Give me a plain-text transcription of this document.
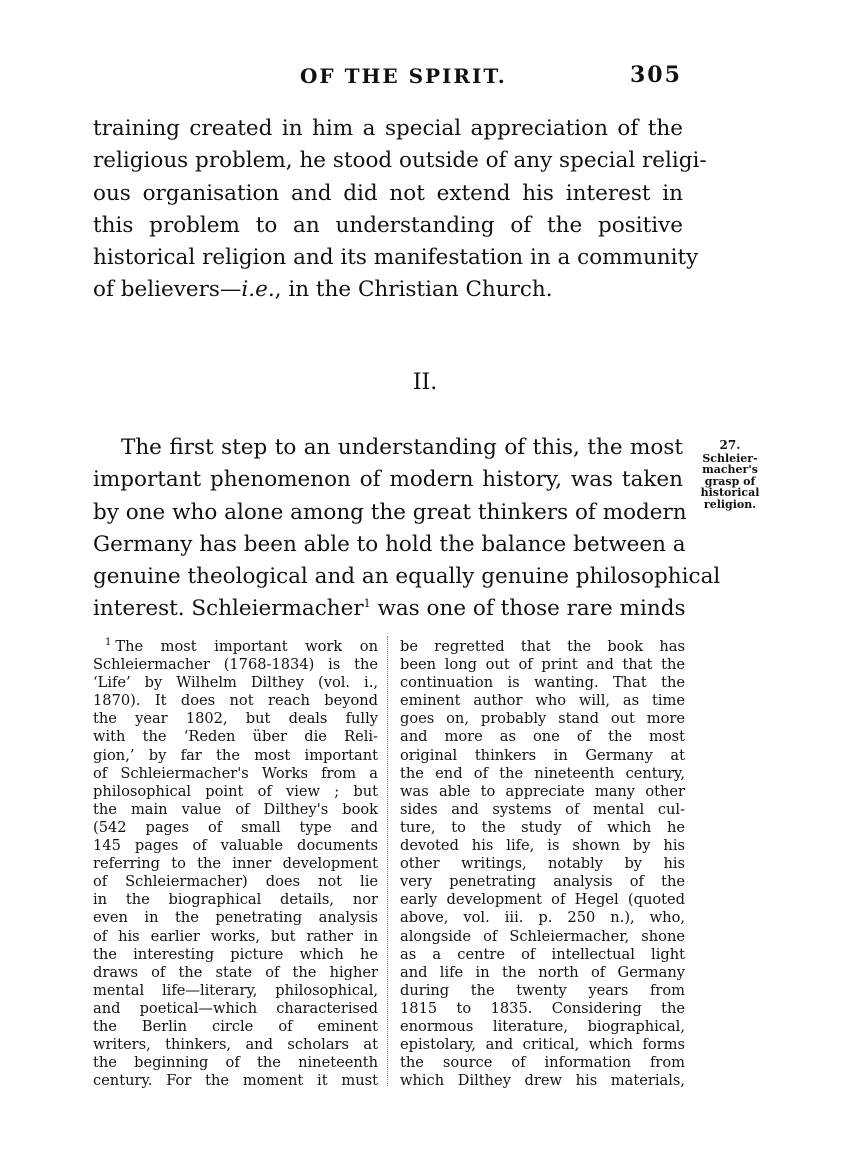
OF THE SPIRIT.	305
training created in him a special appreciation of the
religious problem, he stood outside of any special religi-
ous organisation and did not extend his interest in
this problem to an understanding of the positive
historical religion and its manifestation in a community
of believers—i.e., in the Christian Church.
II.
The first step to an understanding of this, the most
important phenomenon of modern history, was taken
by one who alone among the great thinkers of modern
Germany has been able to hold the balance between a
genuine theological and an equally genuine philosophical
interest. Schleiermacher$^1$ was one of those rare minds
27.
Schleier-
macher's
grasp of
historical
religion.
$^1$ The most important work on
Schleiermacher (1768-1834) is the
‘Life’ by Wilhelm Dilthey (vol. i.,
1870). It does not reach beyond
the year 1802, but deals fully
with the ‘Reden über die Reli-
gion,’ by far the most important
of Schleiermacher's Works from a
philosophical point of view ; but
the main value of Dilthey's book
(542 pages of small type and
145 pages of valuable documents
referring to the inner development
of Schleiermacher) does not lie
in the biographical details, nor
even in the penetrating analysis
of his earlier works, but rather in
the interesting picture which he
draws of the state of the higher
mental life—literary, philosophical,
and poetical—which characterised
the Berlin circle of eminent
writers, thinkers, and scholars at
the beginning of the nineteenth
century. For the moment it must
be regretted that the book has
been long out of print and that the
continuation is wanting. That the
eminent author who will, as time
goes on, probably stand out more
and more as one of the most
original thinkers in Germany at
the end of the nineteenth century,
was able to appreciate many other
sides and systems of mental cul-
ture, to the study of which he
devoted his life, is shown by his
other writings, notably by his
very penetrating analysis of the
early development of Hegel (quoted
above, vol. iii. p. 250 n.), who,
alongside of Schleiermacher, shone
as a centre of intellectual light
and life in the north of Germany
during the twenty years from
1815 to 1835. Considering the
enormous literature, biographical,
epistolary, and critical, which forms
the source of information from
which Dilthey drew his materials,
